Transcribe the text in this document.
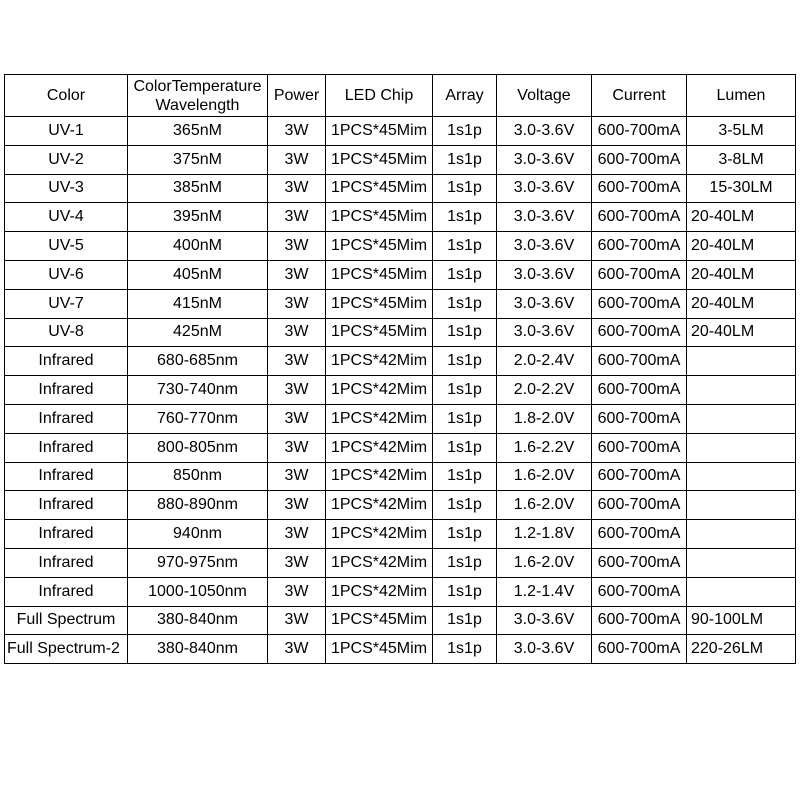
Color	ColorTemperature Wavelength	Power	LED Chip	Array	Voltage	Current	Lumen
UV-1	365nM	3W	1PCS*45Mim	1s1p	3.0-3.6V	600-700mA	3-5LM
UV-2	375nM	3W	1PCS*45Mim	1s1p	3.0-3.6V	600-700mA	3-8LM
UV-3	385nM	3W	1PCS*45Mim	1s1p	3.0-3.6V	600-700mA	15-30LM
UV-4	395nM	3W	1PCS*45Mim	1s1p	3.0-3.6V	600-700mA	20-40LM
UV-5	400nM	3W	1PCS*45Mim	1s1p	3.0-3.6V	600-700mA	20-40LM
UV-6	405nM	3W	1PCS*45Mim	1s1p	3.0-3.6V	600-700mA	20-40LM
UV-7	415nM	3W	1PCS*45Mim	1s1p	3.0-3.6V	600-700mA	20-40LM
UV-8	425nM	3W	1PCS*45Mim	1s1p	3.0-3.6V	600-700mA	20-40LM
Infrared	680-685nm	3W	1PCS*42Mim	1s1p	2.0-2.4V	600-700mA	
Infrared	730-740nm	3W	1PCS*42Mim	1s1p	2.0-2.2V	600-700mA	
Infrared	760-770nm	3W	1PCS*42Mim	1s1p	1.8-2.0V	600-700mA	
Infrared	800-805nm	3W	1PCS*42Mim	1s1p	1.6-2.2V	600-700mA	
Infrared	850nm	3W	1PCS*42Mim	1s1p	1.6-2.0V	600-700mA	
Infrared	880-890nm	3W	1PCS*42Mim	1s1p	1.6-2.0V	600-700mA	
Infrared	940nm	3W	1PCS*42Mim	1s1p	1.2-1.8V	600-700mA	
Infrared	970-975nm	3W	1PCS*42Mim	1s1p	1.6-2.0V	600-700mA	
Infrared	1000-1050nm	3W	1PCS*42Mim	1s1p	1.2-1.4V	600-700mA	
Full Spectrum	380-840nm	3W	1PCS*45Mim	1s1p	3.0-3.6V	600-700mA	90-100LM
Full Spectrum-2	380-840nm	3W	1PCS*45Mim	1s1p	3.0-3.6V	600-700mA	220-26LM
